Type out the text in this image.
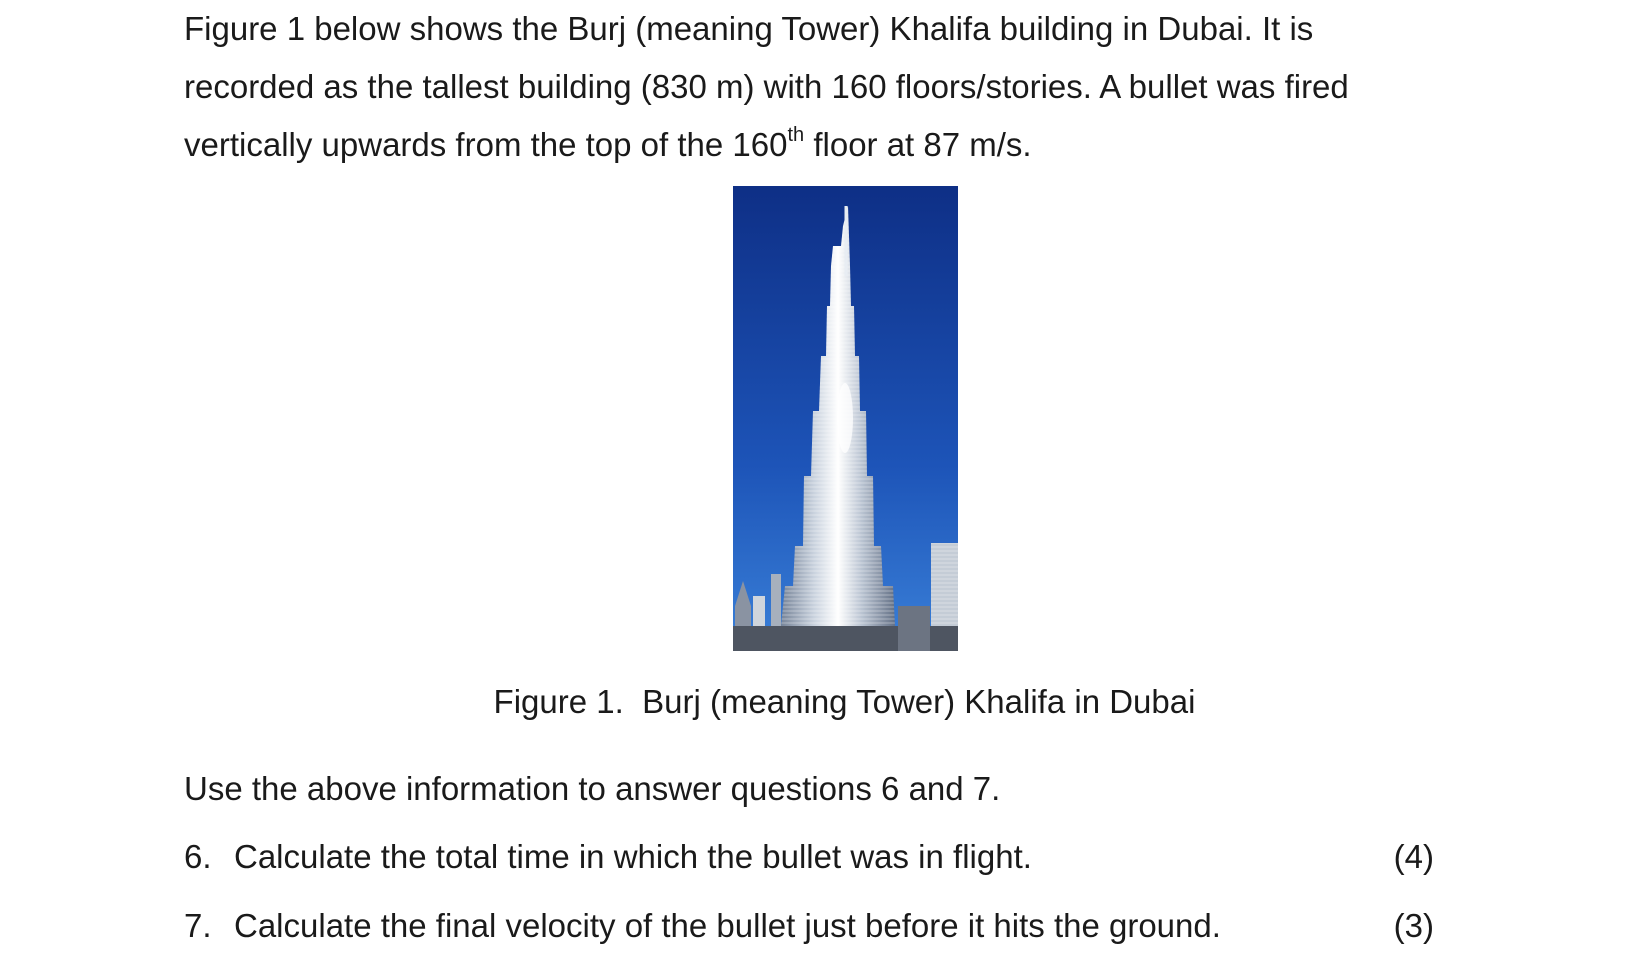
Figure 1 below shows the Burj (meaning Tower) Khalifa building in Dubai. It is
recorded as the tallest building (830 m) with 160 floors/stories. A bullet was fired
vertically upwards from the top of the 160th floor at 87 m/s.
Figure 1.  Burj (meaning Tower) Khalifa in Dubai
Use the above information to answer questions 6 and 7.
6. Calculate the total time in which the bullet was in flight.	(4)
7. Calculate the final velocity of the bullet just before it hits the ground.	(3)
